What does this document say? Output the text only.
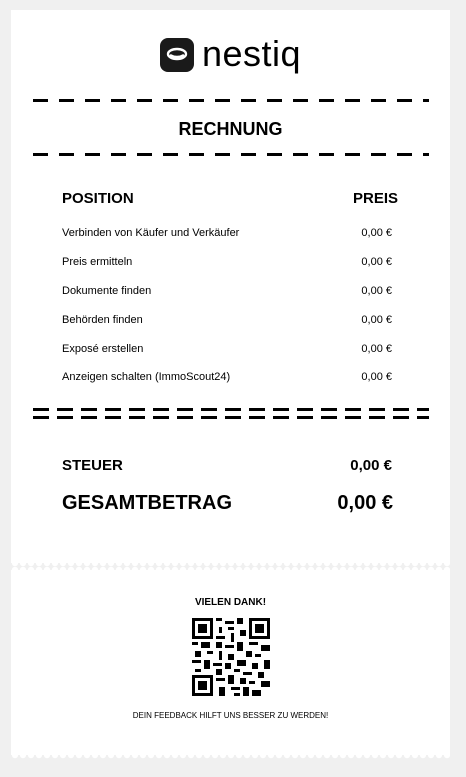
nestiq
RECHNUNG
POSITION	PREIS
Verbinden von Käufer und Verkäufer	0,00 €
Preis ermitteln	0,00 €
Dokumente finden	0,00 €
Behörden finden	0,00 €
Exposé erstellen	0,00 €
Anzeigen schalten (ImmoScout24)	0,00 €
STEUER	0,00 €
GESAMTBETRAG	0,00 €
VIELEN DANK!
DEIN FEEDBACK HILFT UNS BESSER ZU WERDEN!
